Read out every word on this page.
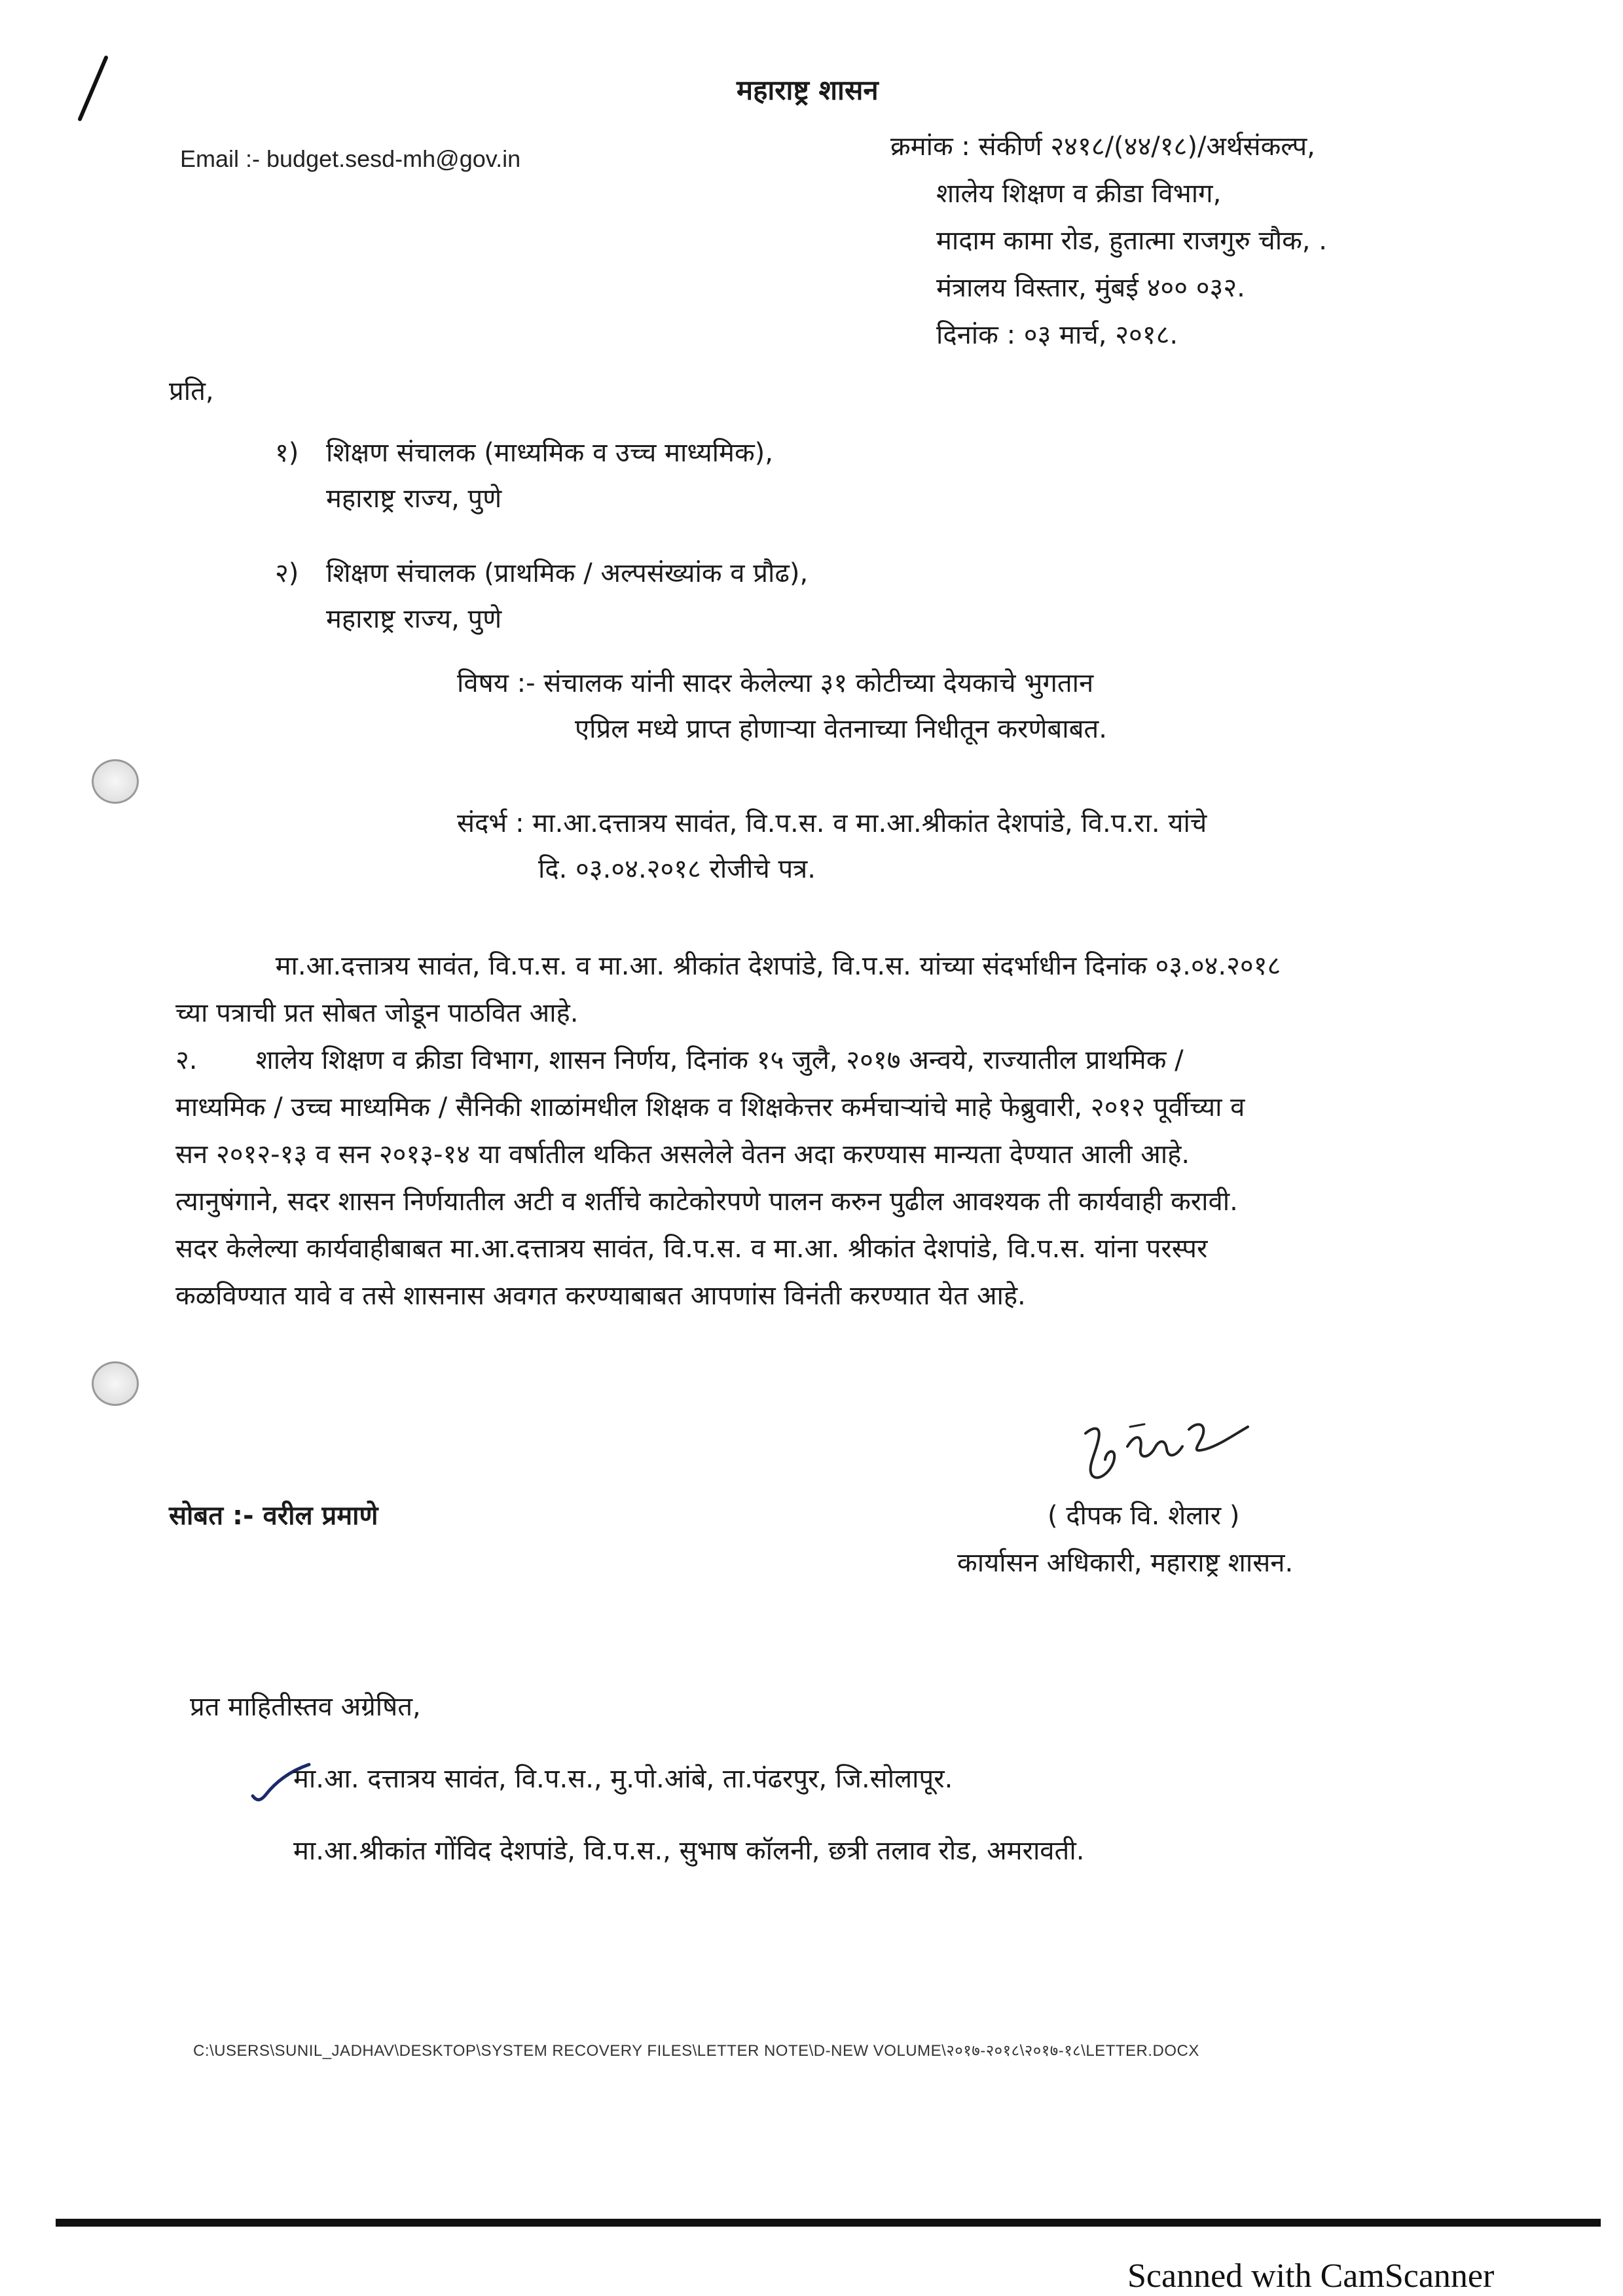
महाराष्ट्र शासन
Email :- budget.sesd-mh@gov.in	क्रमांक : संकीर्ण २४१८/(४४/१८)/अर्थसंकल्प,
शालेय शिक्षण व क्रीडा विभाग,
मादाम कामा रोड, हुतात्मा राजगुरु चौक, .
मंत्रालय विस्तार, मुंबई ४०० ०३२.
दिनांक : ०३ मार्च, २०१८.
प्रति,
१) शिक्षण संचालक (माध्यमिक व उच्च माध्यमिक),
महाराष्ट्र राज्य, पुणे
२) शिक्षण संचालक (प्राथमिक / अल्पसंख्यांक व प्रौढ),
महाराष्ट्र राज्य, पुणे
विषय :- संचालक यांनी सादर केलेल्या ३१ कोटीच्या देयकाचे भुगतान
एप्रिल मध्ये प्राप्त होणाऱ्या वेतनाच्या निधीतून करणेबाबत.
संदर्भ : मा.आ.दत्तात्रय सावंत, वि.प.स. व मा.आ.श्रीकांत देशपांडे, वि.प.रा. यांचे
दि. ०३.०४.२०१८ रोजीचे पत्र.
मा.आ.दत्तात्रय सावंत, वि.प.स. व मा.आ. श्रीकांत देशपांडे, वि.प.स. यांच्या संदर्भाधीन दिनांक ०३.०४.२०१८
च्या पत्राची प्रत सोबत जोडून पाठवित आहे.
२.       शालेय शिक्षण व क्रीडा विभाग, शासन निर्णय, दिनांक १५ जुलै, २०१७ अन्वये, राज्यातील प्राथमिक /
माध्यमिक / उच्च माध्यमिक / सैनिकी शाळांमधील शिक्षक व शिक्षकेत्तर कर्मचाऱ्यांचे माहे फेब्रुवारी, २०१२ पूर्वीच्या व
सन २०१२-१३ व सन २०१३-१४ या वर्षातील थकित असलेले वेतन अदा करण्यास मान्यता देण्यात आली आहे.
त्यानुषंगाने, सदर शासन निर्णयातील अटी व शर्तीचे काटेकोरपणे पालन करुन पुढील आवश्यक ती कार्यवाही करावी.
सदर केलेल्या कार्यवाहीबाबत मा.आ.दत्तात्रय सावंत, वि.प.स. व मा.आ. श्रीकांत देशपांडे, वि.प.स. यांना परस्पर
कळविण्यात यावे व तसे शासनास अवगत करण्याबाबत आपणांस विनंती करण्यात येत आहे.
सोबत :- वरील प्रमाणे	( दीपक वि. शेलार )
कार्यासन अधिकारी, महाराष्ट्र शासन.
प्रत माहितीस्तव अग्रेषित,
मा.आ. दत्तात्रय सावंत, वि.प.स., मु.पो.आंबे, ता.पंढरपुर, जि.सोलापूर.
मा.आ.श्रीकांत गोंविद देशपांडे, वि.प.स., सुभाष कॉलनी, छत्री तलाव रोड, अमरावती.
C:\USERS\SUNIL_JADHAV\DESKTOP\SYSTEM RECOVERY FILES\LETTER NOTE\D-NEW VOLUME\२०१७-२०१८\२०१७-१८\LETTER.DOCX
Scanned with CamScanner
